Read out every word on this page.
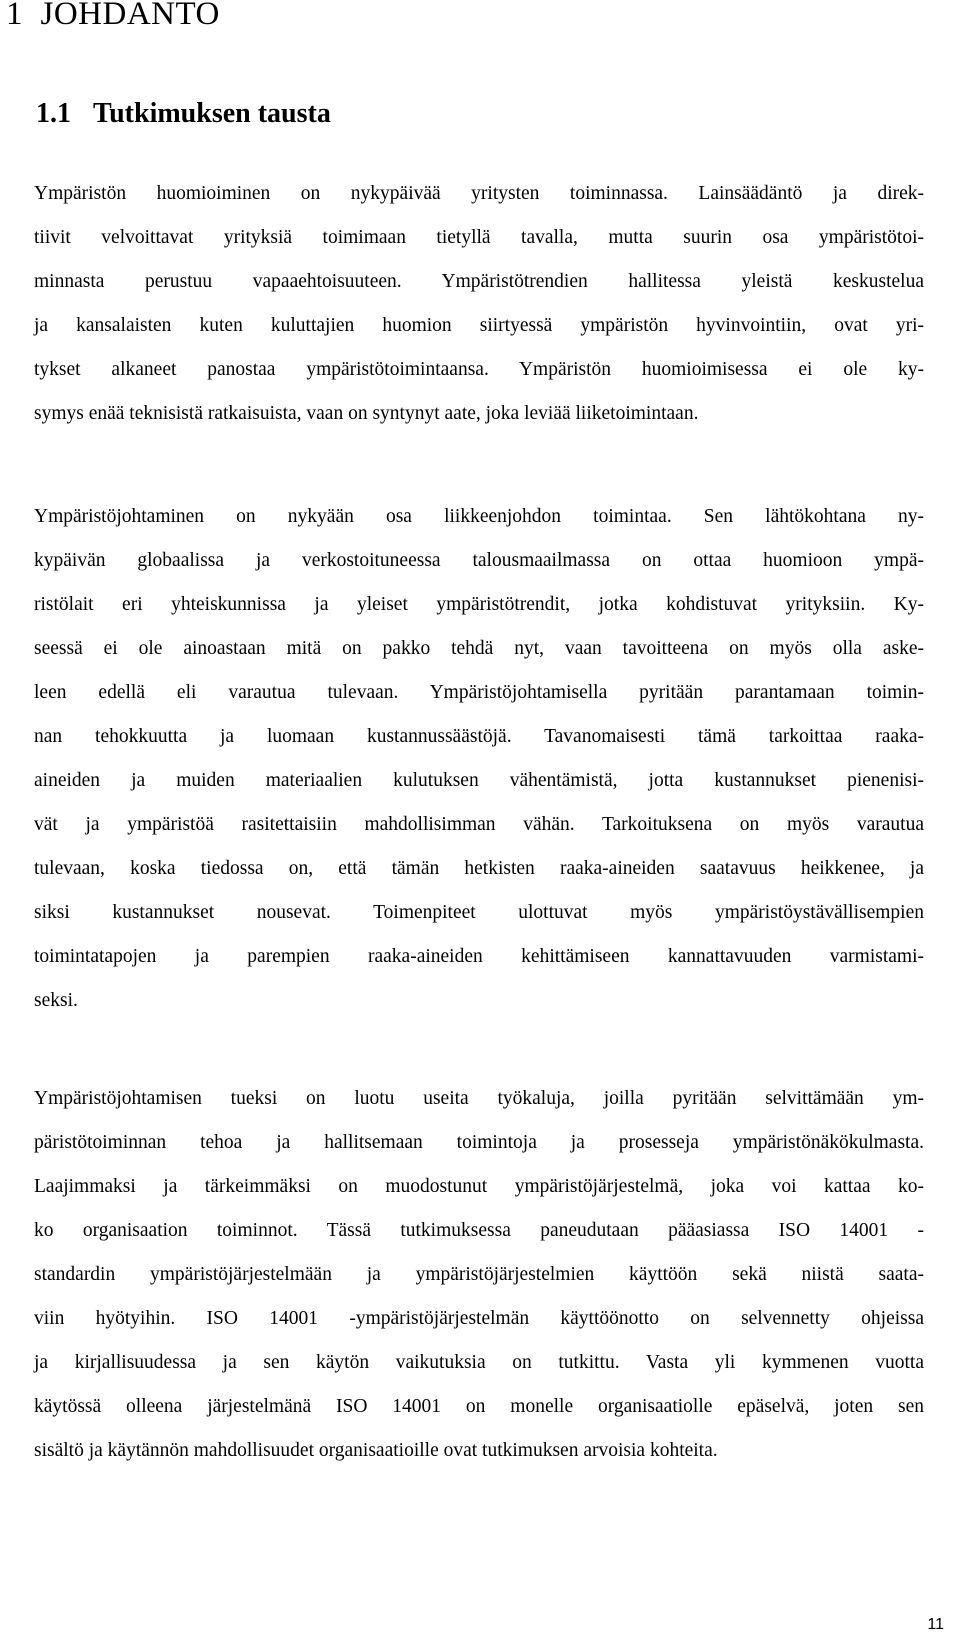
1 JOHDANTO
1.1 Tutkimuksen tausta
Ympäristön huomioiminen on nykypäivää yritysten toiminnassa. Lainsäädäntö ja direk-
tiivit velvoittavat yrityksiä toimimaan tietyllä tavalla, mutta suurin osa ympäristötoi-
minnasta perustuu vapaaehtoisuuteen. Ympäristötrendien hallitessa yleistä keskustelua
ja kansalaisten kuten kuluttajien huomion siirtyessä ympäristön hyvinvointiin, ovat yri-
tykset alkaneet panostaa ympäristötoimintaansa. Ympäristön huomioimisessa ei ole ky-
symys enää teknisistä ratkaisuista, vaan on syntynyt aate, joka leviää liiketoimintaan.
Ympäristöjohtaminen on nykyään osa liikkeenjohdon toimintaa. Sen lähtökohtana ny-
kypäivän globaalissa ja verkostoituneessa talousmaailmassa on ottaa huomioon ympä-
ristölait eri yhteiskunnissa ja yleiset ympäristötrendit, jotka kohdistuvat yrityksiin. Ky-
seessä ei ole ainoastaan mitä on pakko tehdä nyt, vaan tavoitteena on myös olla aske-
leen edellä eli varautua tulevaan. Ympäristöjohtamisella pyritään parantamaan toimin-
nan tehokkuutta ja luomaan kustannussäästöjä. Tavanomaisesti tämä tarkoittaa raaka-
aineiden ja muiden materiaalien kulutuksen vähentämistä, jotta kustannukset pienenisi-
vät ja ympäristöä rasitettaisiin mahdollisimman vähän. Tarkoituksena on myös varautua
tulevaan, koska tiedossa on, että tämän hetkisten raaka-aineiden saatavuus heikkenee, ja
siksi kustannukset nousevat. Toimenpiteet ulottuvat myös ympäristöystävällisempien
toimintatapojen ja parempien raaka-aineiden kehittämiseen kannattavuuden varmistami-
seksi.
Ympäristöjohtamisen tueksi on luotu useita työkaluja, joilla pyritään selvittämään ym-
päristötoiminnan tehoa ja hallitsemaan toimintoja ja prosesseja ympäristönäkökulmasta.
Laajimmaksi ja tärkeimmäksi on muodostunut ympäristöjärjestelmä, joka voi kattaa ko-
ko organisaation toiminnot. Tässä tutkimuksessa paneudutaan pääasiassa ISO 14001 -
standardin ympäristöjärjestelmään ja ympäristöjärjestelmien käyttöön sekä niistä saata-
viin hyötyihin. ISO 14001 -ympäristöjärjestelmän käyttöönotto on selvennetty ohjeissa
ja kirjallisuudessa ja sen käytön vaikutuksia on tutkittu. Vasta yli kymmenen vuotta
käytössä olleena järjestelmänä ISO 14001 on monelle organisaatiolle epäselvä, joten sen
sisältö ja käytännön mahdollisuudet organisaatioille ovat tutkimuksen arvoisia kohteita.
11
